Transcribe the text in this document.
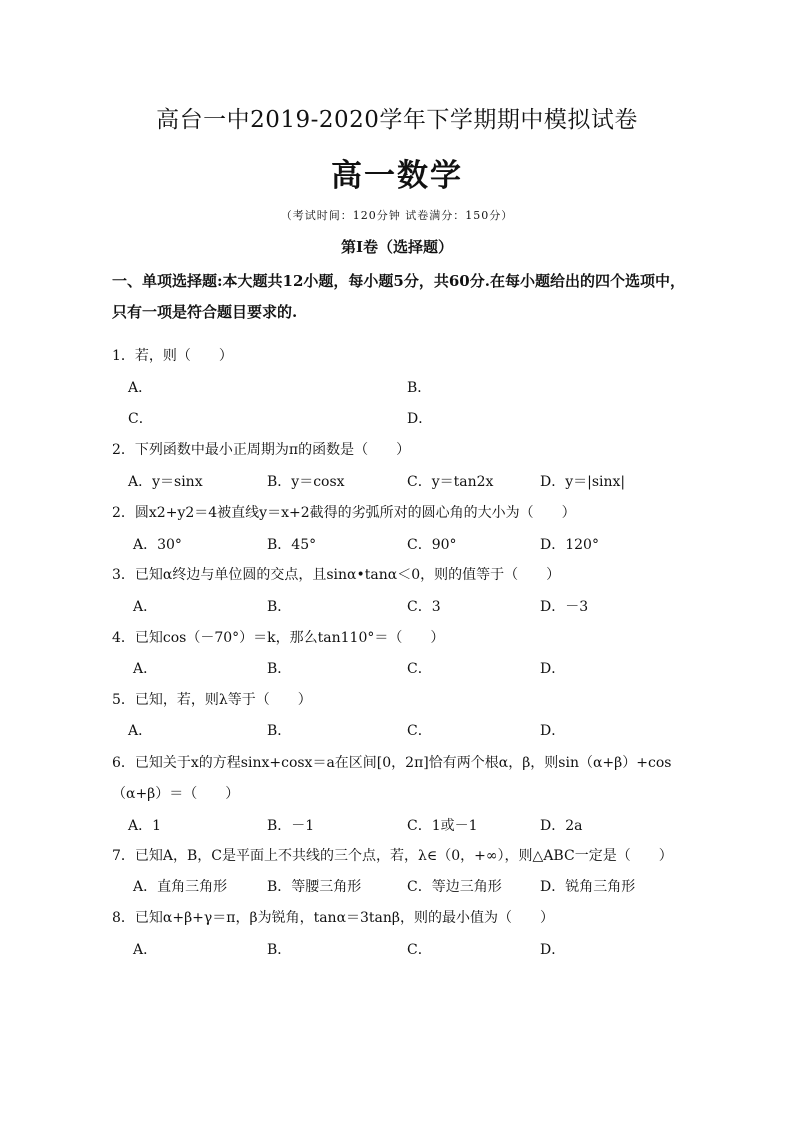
高台一中2019-2020学年下学期期中模拟试卷
高一数学
（考试时间：120分钟 试卷满分：150分）
第I卷（选择题）
一、单项选择题:本大题共12小题，每小题5分，共60分.在每小题给出的四个选项中，只有一项是符合题目要求的.
1．若，则（　　）
A．	B．
C．	D．
2．下列函数中最小正周期为π的函数是（　　）
A．y＝sinx	B．y＝cosx	C．y＝tan2x	D．y＝|sinx|
2．圆x2+y2＝4被直线y＝x+2截得的劣弧所对的圆心角的大小为（　　）
A．30°	B．45°	C．90°	D．120°
3．已知α终边与单位圆的交点，且sinα•tanα＜0，则的值等于（　　）
A．	B．	C．3	D．－3
4．已知cos（－70°）＝k，那么tan110°＝（　　）
A．	B．	C．	D．
5．已知，若，则λ等于（　　）
A．	B．	C．	D．
6．已知关于x的方程sinx+cosx＝a在区间[0，2π]恰有两个根α，β，则sin（α+β）+cos
（α+β）＝（　　）
A．1	B．－1	C．1或－1	D．2a
7．已知A，B，C是平面上不共线的三个点，若，λ∈（0，+∞），则△ABC一定是（　　）
A．直角三角形	B．等腰三角形	C．等边三角形	D．锐角三角形
8．已知α+β+γ＝π，β为锐角，tanα＝3tanβ，则的最小值为（　　）
A．	B．	C．	D．
